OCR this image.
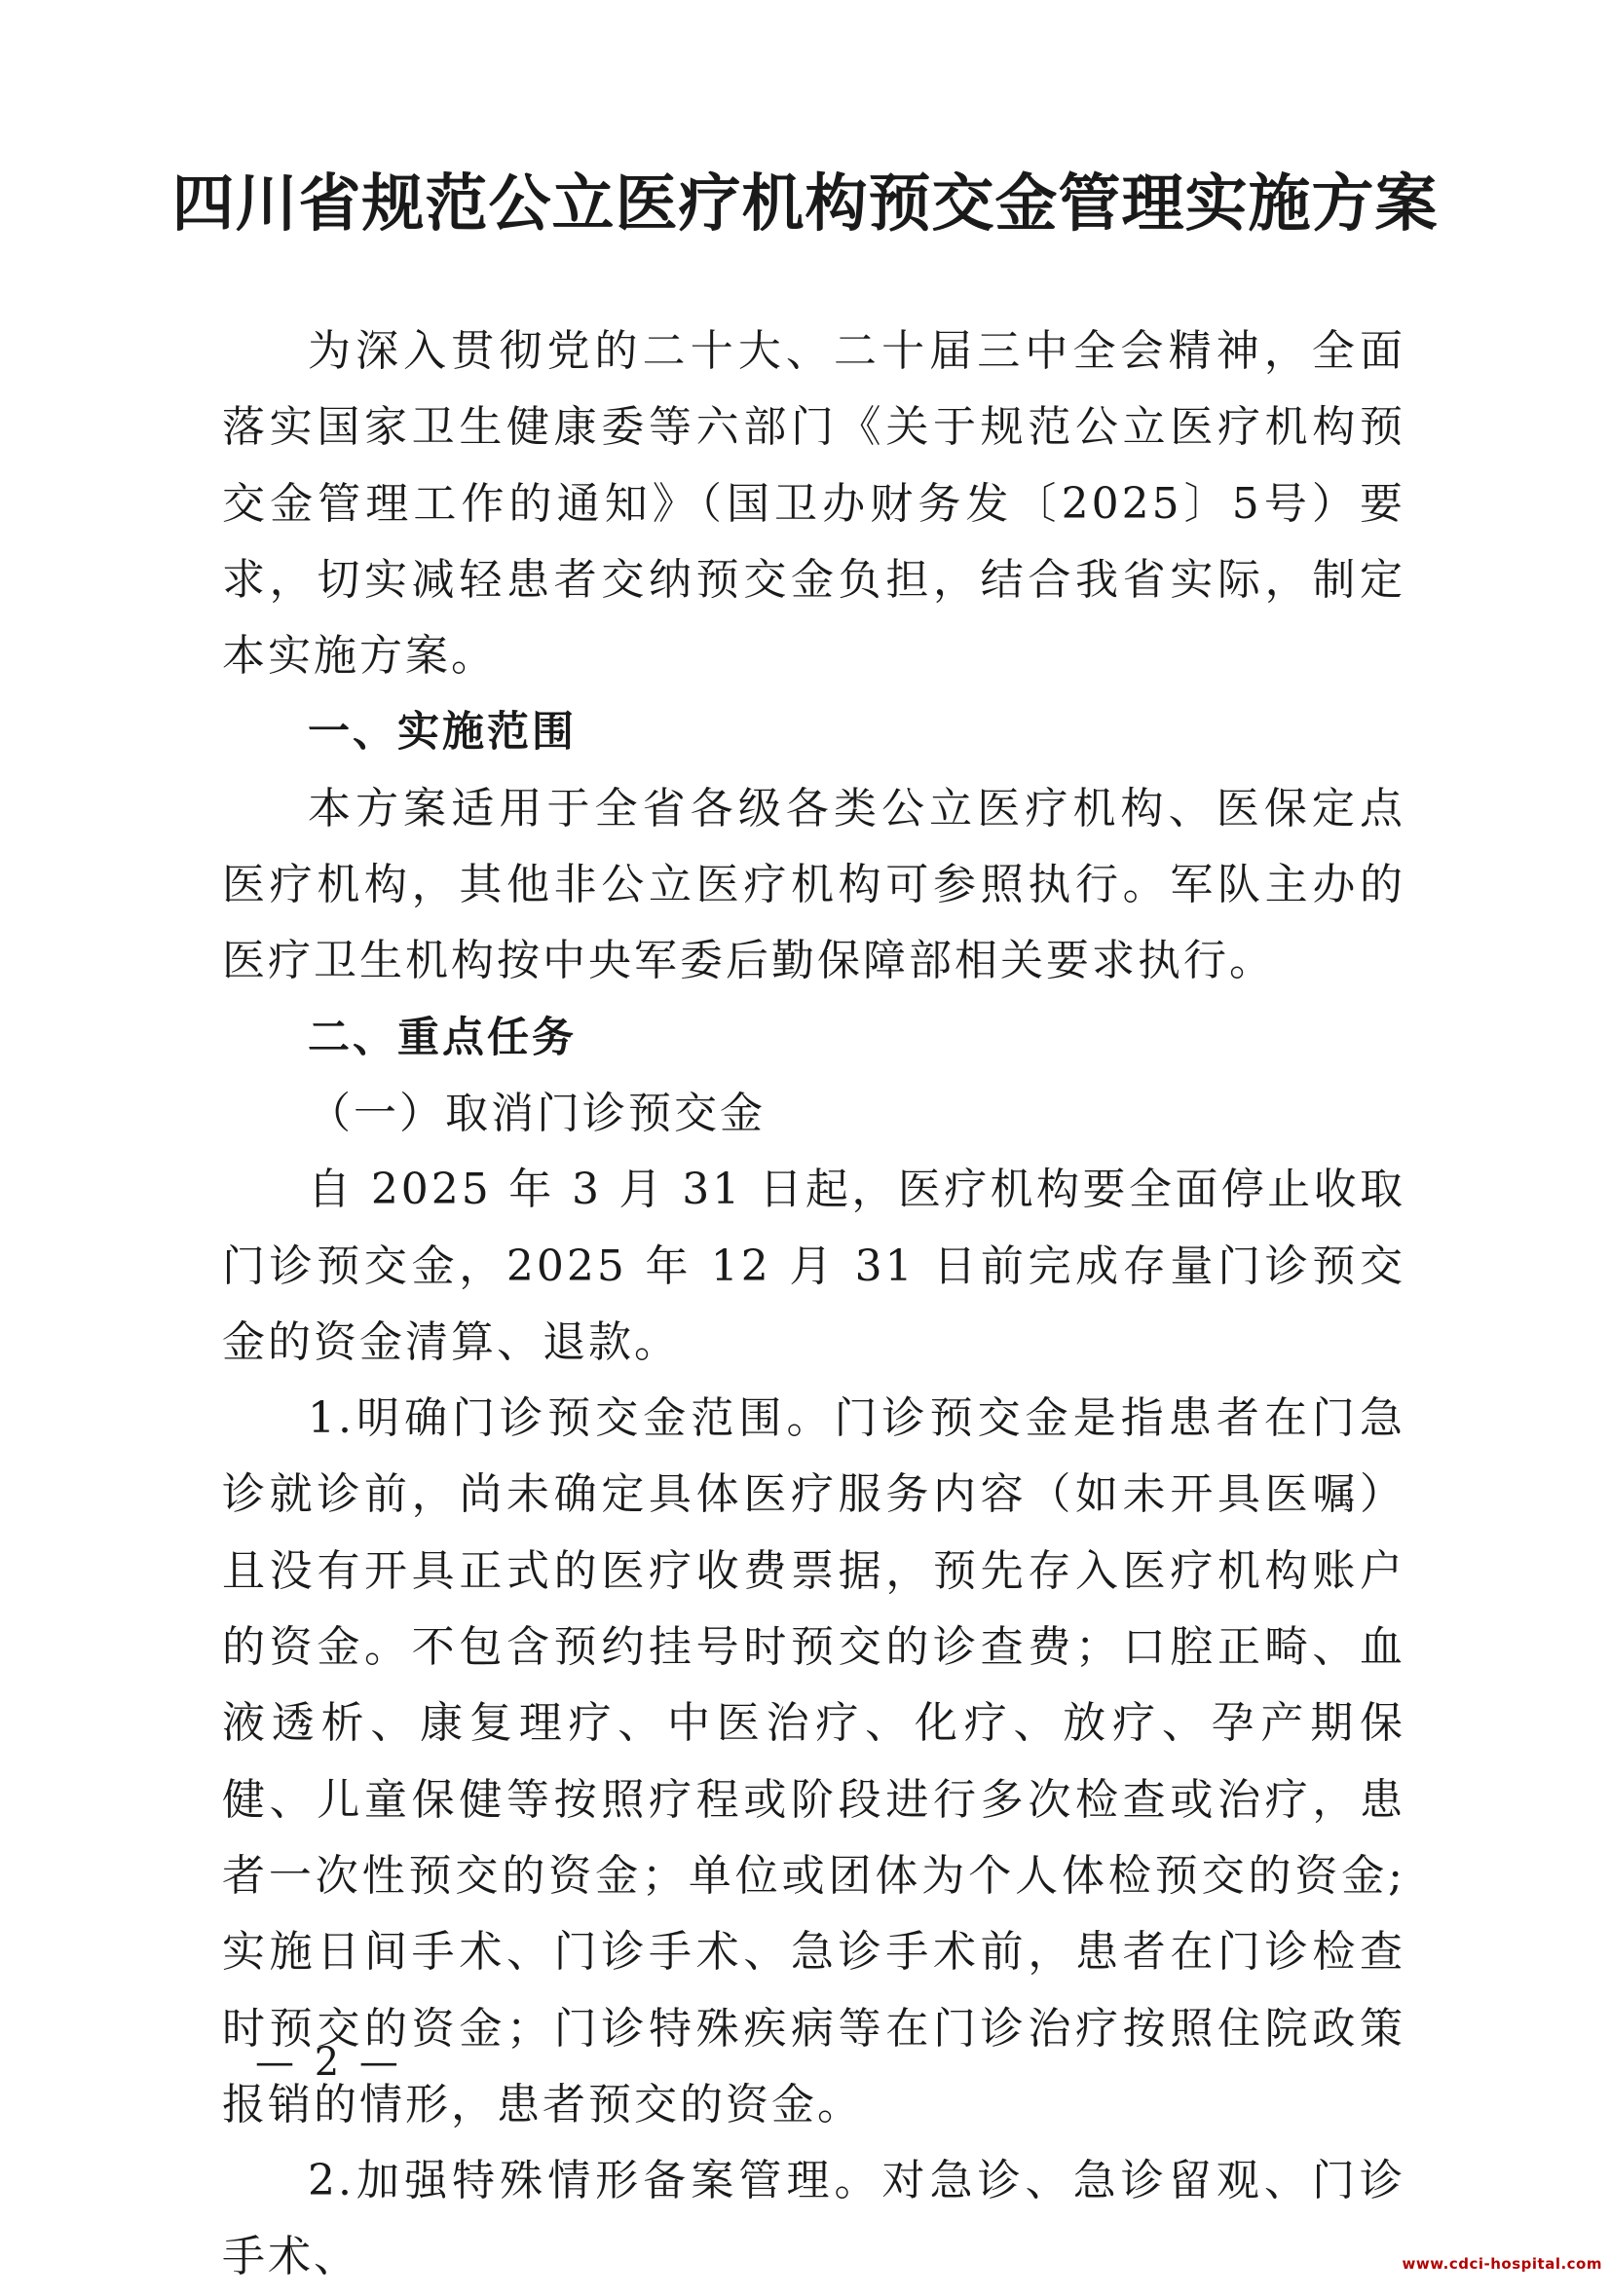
四川省规范公立医疗机构预交金管理实施方案

为深入贯彻党的二十大、二十届三中全会精神，全面落实国家卫生健康委等六部门《关于规范公立医疗机构预交金管理工作的通知》（国卫办财务发〔2025〕5号）要求，切实减轻患者交纳预交金负担，结合我省实际，制定本实施方案。

一、实施范围

本方案适用于全省各级各类公立医疗机构、医保定点医疗机构，其他非公立医疗机构可参照执行。军队主办的医疗卫生机构按中央军委后勤保障部相关要求执行。

二、重点任务

（一）取消门诊预交金

自 2025 年 3 月 31 日起，医疗机构要全面停止收取门诊预交金，2025 年 12 月 31 日前完成存量门诊预交金的资金清算、退款。

1.明确门诊预交金范围。门诊预交金是指患者在门急诊就诊前，尚未确定具体医疗服务内容（如未开具医嘱）且没有开具正式的医疗收费票据，预先存入医疗机构账户的资金。不包含预约挂号时预交的诊查费；口腔正畸、血液透析、康复理疗、中医治疗、化疗、放疗、孕产期保健、儿童保健等按照疗程或阶段进行多次检查或治疗，患者一次性预交的资金；单位或团体为个人体检预交的资金;实施日间手术、门诊手术、急诊手术前，患者在门诊检查时预交的资金；门诊特殊疾病等在门诊治疗按照住院政策报销的情形，患者预交的资金。

2.加强特殊情形备案管理。对急诊、急诊留观、门诊手术、

— 2 —

www.cdci-hospital.com
